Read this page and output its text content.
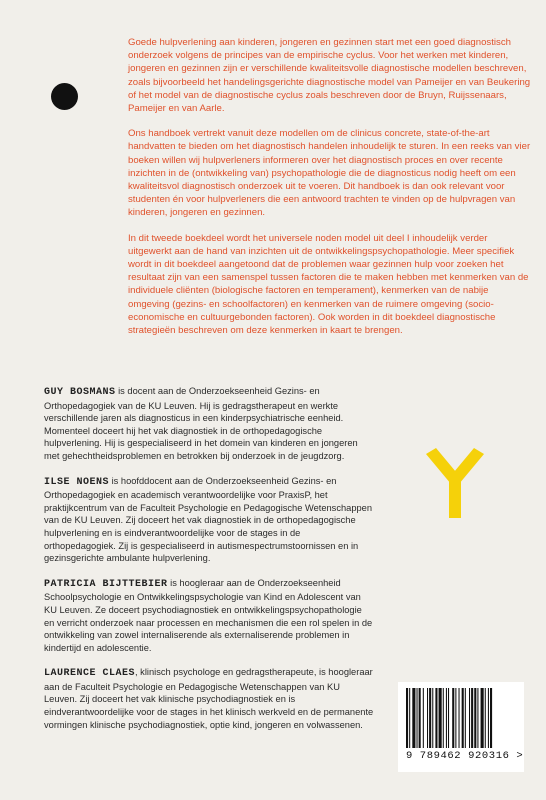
Goede hulpverlening aan kinderen, jongeren en gezinnen start met een goed diagnostisch onderzoek volgens de principes van de empirische cyclus. Voor het werken met kinderen, jongeren en gezinnen zijn er verschillende kwaliteitsvolle diagnostische modellen beschreven, zoals bijvoorbeeld het handelingsgerichte diagnostische model van Pameijer en van Beukering of het model van de diagnostische cyclus zoals beschreven door de Bruyn, Ruijssenaars, Pameijer en van Aarle.

Ons handboek vertrekt vanuit deze modellen om de clinicus concrete, state-of-the-art handvatten te bieden om het diagnostisch handelen inhoudelijk te sturen. In een reeks van vier boeken willen wij hulpverleners informeren over het diagnostisch proces en over recente inzichten in de (ontwikkeling van) psychopathologie die de diagnosticus nodig heeft om een kwaliteitsvol diagnostisch onderzoek uit te voeren. Dit handboek is dan ook relevant voor studenten én voor hulpverleners die een antwoord trachten te vinden op de hulpvragen van kinderen, jongeren en gezinnen.

In dit tweede boekdeel wordt het universele noden model uit deel I inhoudelijk verder uitgewerkt aan de hand van inzichten uit de ontwikkelingspsychopathologie. Meer specifiek wordt in dit boekdeel aangetoond dat de problemen waar gezinnen hulp voor zoeken het resultaat zijn van een samenspel tussen factoren die te maken hebben met kenmerken van de individuele cliënten (biologische factoren en temperament), kenmerken van de nabije omgeving (gezins- en schoolfactoren) en kenmerken van de ruimere omgeving (socio-economische en cultuurgebonden factoren). Ook worden in dit boekdeel diagnostische strategieën beschreven om deze kenmerken in kaart te brengen.

GUY BOSMANS is docent aan de Onderzoekseenheid Gezins- en Orthopedagogiek van de KU Leuven. Hij is gedragstherapeut en werkte verschillende jaren als diagnosticus in een kinderpsychiatrische eenheid. Momenteel doceert hij het vak diagnostiek in de orthopedagogische hulpverlening. Hij is gespecialiseerd in het domein van kinderen en jongeren met gehechtheidsproblemen en betrokken bij onderzoek in de jeugdzorg.

ILSE NOENS is hoofddocent aan de Onderzoekseenheid Gezins- en Orthopedagogiek en academisch verantwoordelijke voor PraxisP, het praktijkcentrum van de Faculteit Psychologie en Pedagogische Wetenschappen van de KU Leuven. Zij doceert het vak diagnostiek in de orthopedagogische hulpverlening en is eindverantwoordelijke voor de stages in de orthopedagogiek. Zij is gespecialiseerd in autismespectrumstoornissen en in gezinsgerichte ambulante hulpverlening.

PATRICIA BIJTTEBIER is hoogleraar aan de Onderzoekseenheid Schoolpsychologie en Ontwikkelingspsychologie van Kind en Adolescent van KU Leuven. Ze doceert psychodiagnostiek en ontwikkelingspsychopathologie en verricht onderzoek naar processen en mechanismen die een rol spelen in de ontwikkeling van zowel internaliserende als externaliserende problemen in kindertijd en adolescentie.

LAURENCE CLAES, klinisch psychologe en gedragstherapeute, is hoogleraar aan de Faculteit Psychologie en Pedagogische Wetenschappen van KU Leuven. Zij doceert het vak klinische psychodiagnostiek en is eindverantwoordelijke voor de stages in het klinisch werkveld en de permanente vormingen klinische psychodiagnostiek, optie kind, jongeren en volwassenen.

9 789462 920316 >
